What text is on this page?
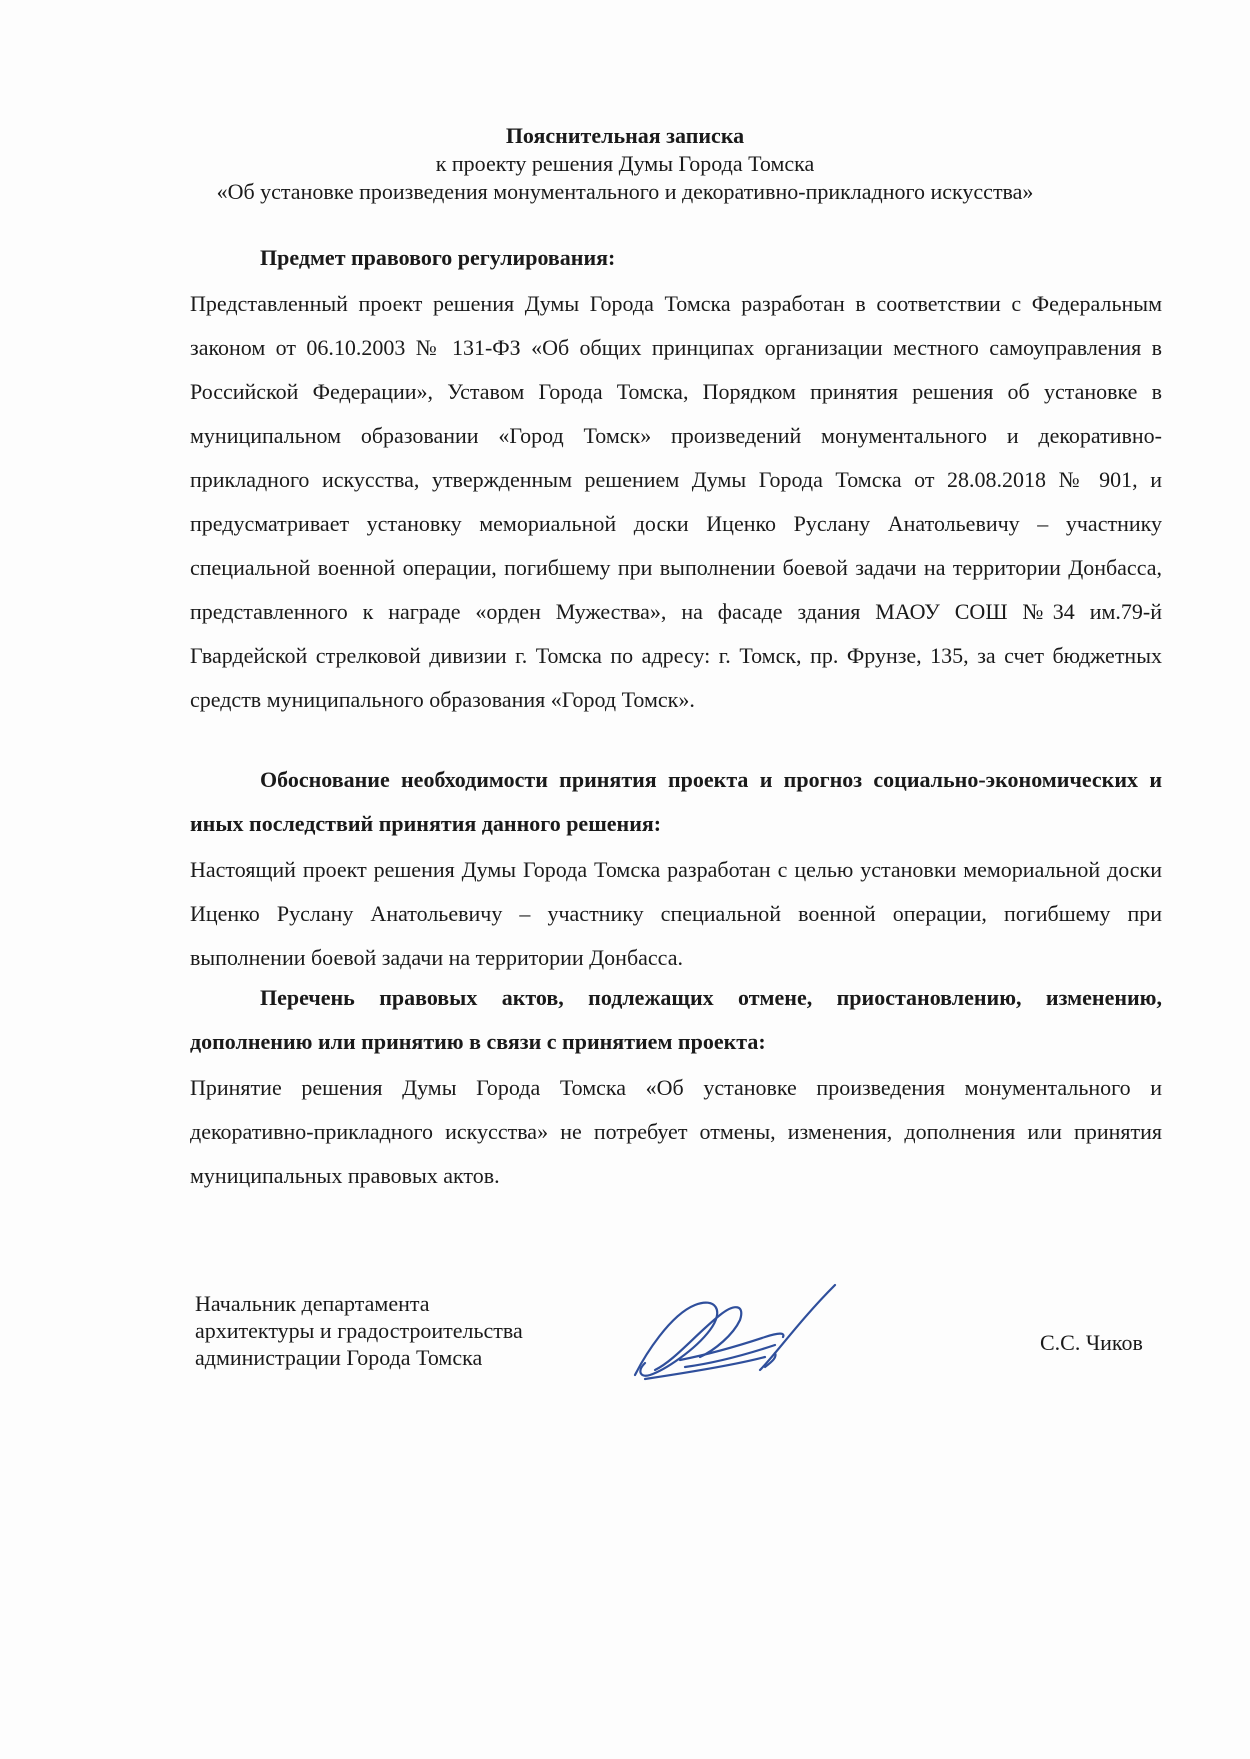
Пояснительная записка
к проекту решения Думы Города Томска
«Об установке произведения монументального и декоративно-прикладного искусства»
Предмет правового регулирования:
Представленный проект решения Думы Города Томска разработан в соответствии с Федеральным законом от 06.10.2003 № 131-ФЗ «Об общих принципах организации местного самоуправления в Российской Федерации», Уставом Города Томска, Порядком принятия решения об установке в муниципальном образовании «Город Томск» произведений монументального и декоративно-прикладного искусства, утвержденным решением Думы Города Томска от 28.08.2018 № 901, и предусматривает установку мемориальной доски Иценко Руслану Анатольевичу – участнику специальной военной операции, погибшему при выполнении боевой задачи на территории Донбасса, представленного к награде «орден Мужества», на фасаде здания МАОУ СОШ №34 им.79-й Гвардейской стрелковой дивизии г. Томска по адресу: г. Томск, пр. Фрунзе, 135, за счет бюджетных средств муниципального образования «Город Томск».
Обоснование необходимости принятия проекта и прогноз социально-экономических и иных последствий принятия данного решения:
Настоящий проект решения Думы Города Томска разработан с целью установки мемориальной доски Иценко Руслану Анатольевичу – участнику специальной военной операции, погибшему при выполнении боевой задачи на территории Донбасса.
Перечень правовых актов, подлежащих отмене, приостановлению, изменению, дополнению или принятию в связи с принятием проекта:
Принятие решения Думы Города Томска «Об установке произведения монументального и декоративно-прикладного искусства» не потребует отмены, изменения, дополнения или принятия муниципальных правовых актов.
Начальник департамента
архитектуры и градостроительства
администрации Города Томска
С.С. Чиков
